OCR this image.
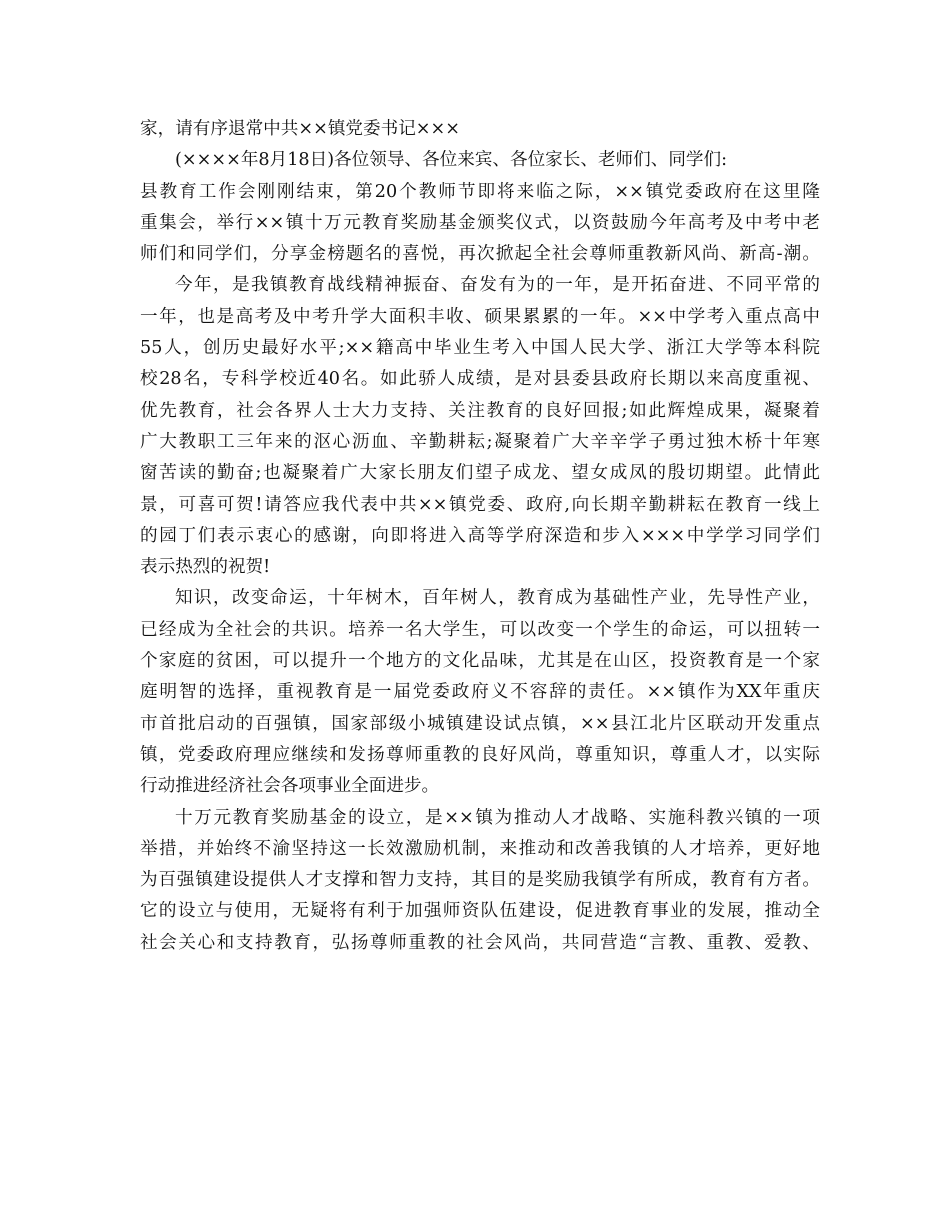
家，请有序退常中共××镇党委书记×××
(××××年8月18日)各位领导、各位来宾、各位家长、老师们、同学们:
县教育工作会刚刚结束，第20个教师节即将来临之际，××镇党委政府在这里隆
重集会，举行××镇十万元教育奖励基金颁奖仪式，以资鼓励今年高考及中考中老
师们和同学们，分享金榜题名的喜悦，再次掀起全社会尊师重教新风尚、新高-潮。
今年，是我镇教育战线精神振奋、奋发有为的一年，是开拓奋进、不同平常的
一年，也是高考及中考升学大面积丰收、硕果累累的一年。××中学考入重点高中
55人，创历史最好水平;××籍高中毕业生考入中国人民大学、浙江大学等本科院
校28名，专科学校近40名。如此骄人成绩，是对县委县政府长期以来高度重视、
优先教育，社会各界人士大力支持、关注教育的良好回报;如此辉煌成果，凝聚着
广大教职工三年来的沤心沥血、辛勤耕耘;凝聚着广大辛辛学子勇过独木桥十年寒
窗苦读的勤奋;也凝聚着广大家长朋友们望子成龙、望女成凤的殷切期望。此情此
景，可喜可贺!请答应我代表中共××镇党委、政府,向长期辛勤耕耘在教育一线上
的园丁们表示衷心的感谢，向即将进入高等学府深造和步入×××中学学习同学们
表示热烈的祝贺!
知识，改变命运，十年树木，百年树人，教育成为基础性产业，先导性产业，
已经成为全社会的共识。培养一名大学生，可以改变一个学生的命运，可以扭转一
个家庭的贫困，可以提升一个地方的文化品味，尤其是在山区，投资教育是一个家
庭明智的选择，重视教育是一届党委政府义不容辞的责任。××镇作为XX年重庆
市首批启动的百强镇，国家部级小城镇建设试点镇，××县江北片区联动开发重点
镇，党委政府理应继续和发扬尊师重教的良好风尚，尊重知识，尊重人才，以实际
行动推进经济社会各项事业全面进步。
十万元教育奖励基金的设立，是××镇为推动人才战略、实施科教兴镇的一项
举措，并始终不渝坚持这一长效激励机制，来推动和改善我镇的人才培养，更好地
为百强镇建设提供人才支撑和智力支持，其目的是奖励我镇学有所成，教育有方者。
它的设立与使用，无疑将有利于加强师资队伍建设，促进教育事业的发展，推动全
社会关心和支持教育，弘扬尊师重教的社会风尚，共同营造“言教、重教、爱教、
